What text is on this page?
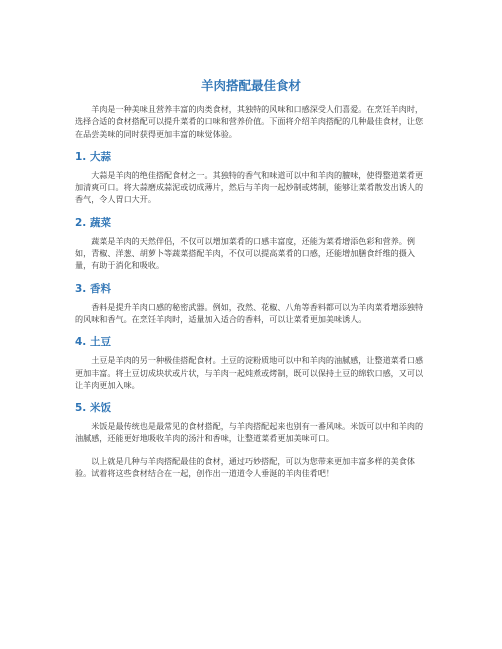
羊肉搭配最佳食材

羊肉是一种美味且营养丰富的肉类食材，其独特的风味和口感深受人们喜爱。在烹饪羊肉时，选择合适的食材搭配可以提升菜肴的口味和营养价值。下面将介绍羊肉搭配的几种最佳食材，让您在品尝美味的同时获得更加丰富的味觉体验。

1. 大蒜

大蒜是羊肉的绝佳搭配食材之一。其独特的香气和味道可以中和羊肉的膻味，使得整道菜肴更加清爽可口。将大蒜磨成蒜泥或切成薄片，然后与羊肉一起炒制或烤制，能够让菜肴散发出诱人的香气，令人胃口大开。

2. 蔬菜

蔬菜是羊肉的天然伴侣，不仅可以增加菜肴的口感丰富度，还能为菜肴增添色彩和营养。例如，青椒、洋葱、胡萝卜等蔬菜搭配羊肉，不仅可以提高菜肴的口感，还能增加膳食纤维的摄入量，有助于消化和吸收。

3. 香料

香料是提升羊肉口感的秘密武器。例如，孜然、花椒、八角等香料都可以为羊肉菜肴增添独特的风味和香气。在烹饪羊肉时，适量加入适合的香料，可以让菜肴更加美味诱人。

4. 土豆

土豆是羊肉的另一种极佳搭配食材。土豆的淀粉质地可以中和羊肉的油腻感，让整道菜肴口感更加丰富。将土豆切成块状或片状，与羊肉一起炖煮或烤制，既可以保持土豆的绵软口感，又可以让羊肉更加入味。

5. 米饭

米饭是最传统也是最常见的食材搭配，与羊肉搭配起来也别有一番风味。米饭可以中和羊肉的油腻感，还能更好地吸收羊肉的汤汁和香味，让整道菜肴更加美味可口。

以上就是几种与羊肉搭配最佳的食材，通过巧妙搭配，可以为您带来更加丰富多样的美食体验。试着将这些食材结合在一起，创作出一道道令人垂涎的羊肉佳肴吧！
